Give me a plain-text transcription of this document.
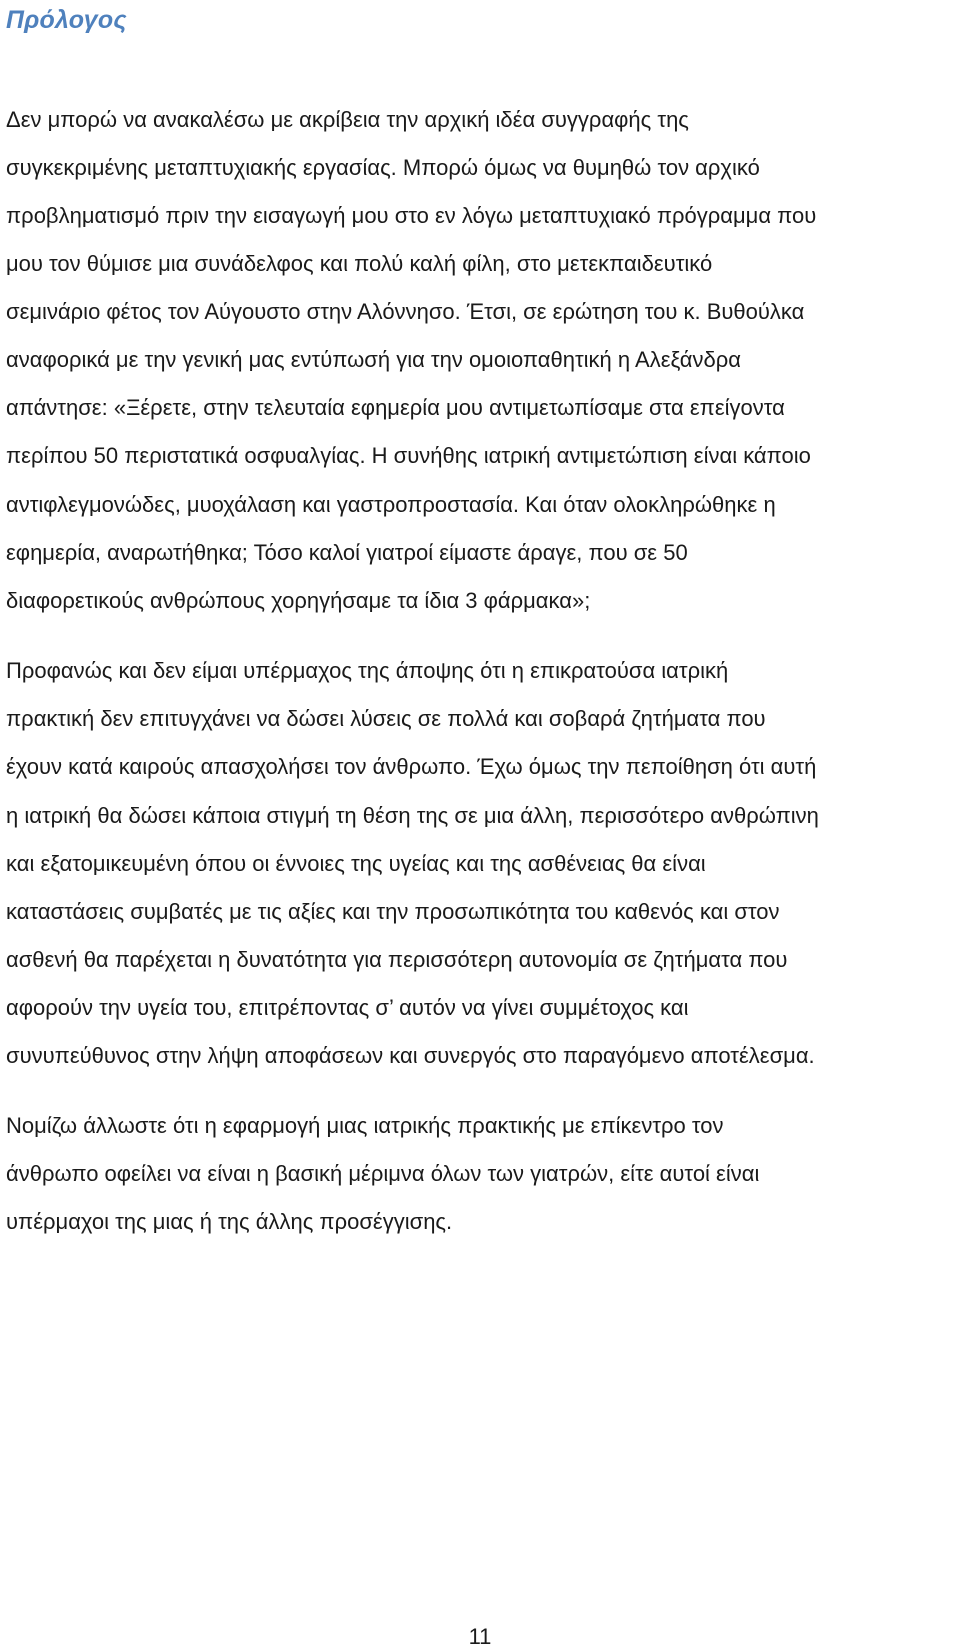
Πρόλογος

Δεν μπορώ να ανακαλέσω με ακρίβεια την αρχική ιδέα συγγραφής της

συγκεκριμένης μεταπτυχιακής εργασίας. Μπορώ όμως να θυμηθώ τον αρχικό

προβληματισμό πριν την εισαγωγή μου στο εν λόγω μεταπτυχιακό πρόγραμμα που

μου τον θύμισε μια συνάδελφος και πολύ καλή φίλη, στο μετεκπαιδευτικό

σεμινάριο φέτος τον Αύγουστο στην Αλόννησο. Έτσι, σε ερώτηση του κ. Βυθούλκα

αναφορικά με την γενική μας εντύπωσή για την ομοιοπαθητική η Αλεξάνδρα

απάντησε: «Ξέρετε, στην τελευταία εφημερία μου αντιμετωπίσαμε στα επείγοντα

περίπου 50 περιστατικά οσφυαλγίας. Η συνήθης ιατρική αντιμετώπιση είναι κάποιο

αντιφλεγμονώδες, μυοχάλαση και γαστροπροστασία. Και όταν ολοκληρώθηκε η

εφημερία, αναρωτήθηκα; Τόσο καλοί γιατροί είμαστε άραγε, που σε 50

διαφορετικούς ανθρώπους χορηγήσαμε τα ίδια 3 φάρμακα»;

Προφανώς και δεν είμαι υπέρμαχος της άποψης ότι η επικρατούσα ιατρική

πρακτική δεν επιτυγχάνει να δώσει λύσεις σε πολλά και σοβαρά ζητήματα που

έχουν κατά καιρούς απασχολήσει τον άνθρωπο. Έχω όμως την πεποίθηση ότι αυτή

η ιατρική θα δώσει κάποια στιγμή τη θέση της σε μια άλλη, περισσότερο ανθρώπινη

και εξατομικευμένη όπου οι έννοιες της υγείας και της ασθένειας θα είναι

καταστάσεις συμβατές με τις αξίες και την προσωπικότητα του καθενός και στον

ασθενή θα παρέχεται η δυνατότητα για περισσότερη αυτονομία σε ζητήματα που

αφορούν την υγεία του, επιτρέποντας σ’ αυτόν να γίνει συμμέτοχος και

συνυπεύθυνος στην λήψη αποφάσεων και συνεργός στο παραγόμενο αποτέλεσμα.

Νομίζω άλλωστε ότι η εφαρμογή μιας ιατρικής πρακτικής με επίκεντρο τον

άνθρωπο οφείλει να είναι η βασική μέριμνα όλων των γιατρών, είτε αυτοί είναι

υπέρμαχοι της μιας ή της άλλης προσέγγισης.

11
